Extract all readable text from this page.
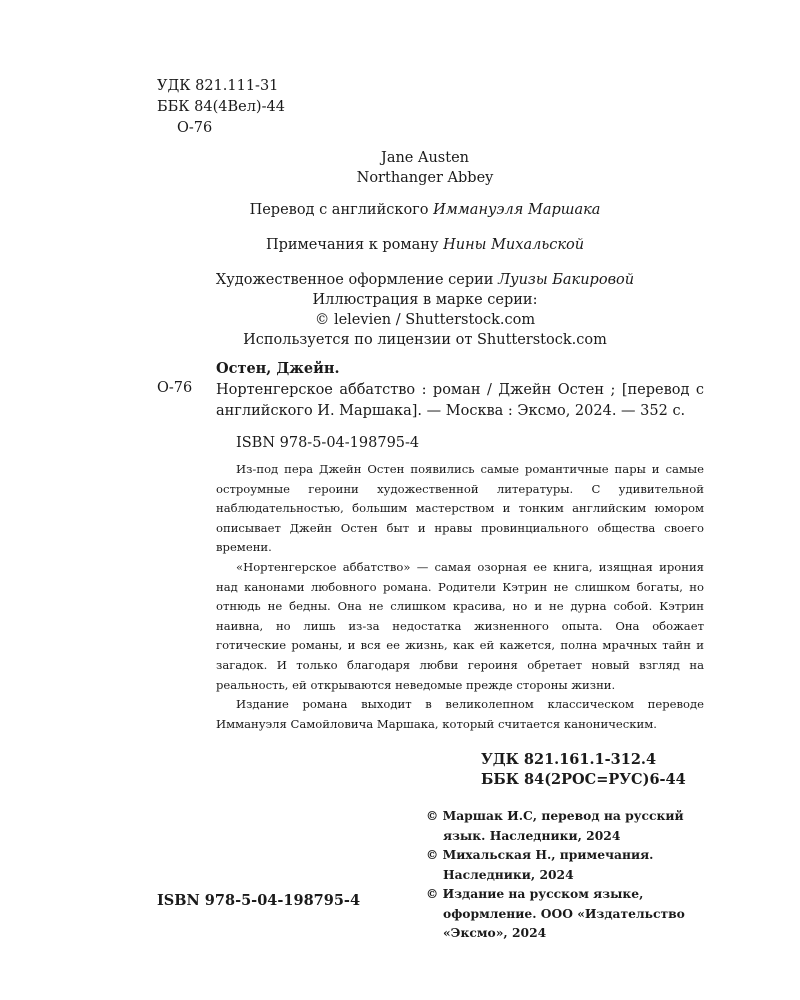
УДК 821.111-31
ББК 84(4Вел)-44
О-76
Jane Austen
Northanger Abbey
Перевод с английского Иммануэля Маршака
Примечания к роману Нины Михальской
Художественное оформление серии Луизы Бакировой
Иллюстрация в марке серии:
© lelevien / Shutterstock.com
Используется по лицензии от Shutterstock.com
Остен, Джейн.
О-76 Нортенгерское аббатство : роман / Джейн Остен ; [перевод с английского И. Маршака]. — Москва : Эксмо, 2024. — 352 с.
ISBN 978-5-04-198795-4

Из-под пера Джейн Остен появились самые романтичные пары и самые остроумные героини художественной литературы. С удивительной наблюдательностью, большим мастерством и тонким английским юмором описывает Джейн Остен быт и нравы провинциального общества своего времени.

«Нортенгерское аббатство» — самая озорная ее книга, изящная ирония над канонами любовного романа. Родители Кэтрин не слишком богаты, но отнюдь не бедны. Она не слишком красива, но и не дурна собой. Кэтрин наивна, но лишь из-за недостатка жизненного опыта. Она обожает готические романы, и вся ее жизнь, как ей кажется, полна мрачных тайн и загадок. И только благодаря любви героиня обретает новый взгляд на реальность, ей открываются неведомые прежде стороны жизни.

Издание романа выходит в великолепном классическом переводе Иммануэля Самойловича Маршака, который считается каноническим.

УДК 821.161.1-312.4
ББК 84(2РОС=РУС)6-44
© Маршак И.С, перевод на русский язык. Наследники, 2024
© Михальская Н., примечания. Наследники, 2024
© Издание на русском языке, оформление. ООО «Издательство «Эксмо», 2024
ISBN 978-5-04-198795-4
